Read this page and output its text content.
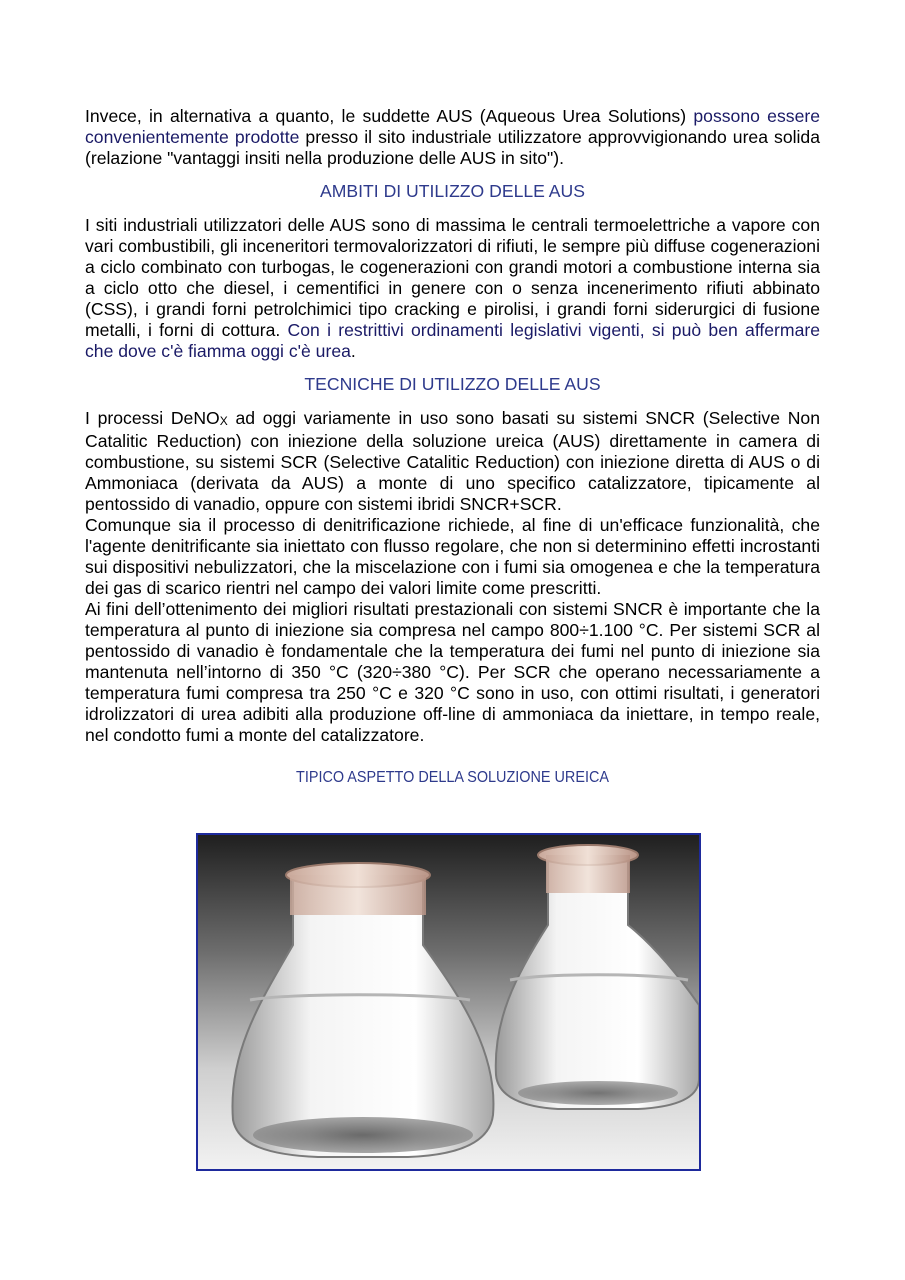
Invece, in alternativa a quanto, le suddette AUS (Aqueous Urea Solutions) possono essere convenientemente prodotte presso il sito industriale utilizzatore approvvigionando urea solida (relazione "vantaggi insiti nella produzione delle AUS in sito").

AMBITI DI UTILIZZO DELLE AUS

I siti industriali utilizzatori delle AUS sono di massima le centrali termoelettriche a vapore con vari combustibili, gli inceneritori termovalorizzatori di rifiuti, le sempre più diffuse cogenerazioni a ciclo combinato con turbogas, le cogenerazioni con grandi motori a combustione interna sia a ciclo otto che diesel, i cementifici in genere con o senza incenerimento rifiuti abbinato (CSS), i grandi forni petrolchimici tipo cracking e pirolisi, i grandi forni siderurgici di fusione metalli, i forni di cottura. Con i restrittivi ordinamenti legislativi vigenti, si può ben affermare che dove c'è fiamma oggi c'è urea.

TECNICHE DI UTILIZZO DELLE AUS

I processi DeNO$_X$ ad oggi variamente in uso sono basati su sistemi SNCR (Selective Non Catalitic Reduction) con iniezione della soluzione ureica (AUS) direttamente in camera di combustione, su sistemi SCR (Selective Catalitic Reduction) con iniezione diretta di AUS o di Ammoniaca (derivata da AUS) a monte di uno specifico catalizzatore, tipicamente al pentossido di vanadio, oppure con sistemi ibridi SNCR+SCR.

Comunque sia il processo di denitrificazione richiede, al fine di un'efficace funzionalità, che l'agente denitrificante sia iniettato con flusso regolare, che non si determinino effetti incrostanti sui dispositivi nebulizzatori, che la miscelazione con i fumi sia omogenea e che la temperatura dei gas di scarico rientri nel campo dei valori limite come prescritti.

Ai fini dell’ottenimento dei migliori risultati prestazionali con sistemi SNCR è importante che la temperatura al punto di iniezione sia compresa nel campo 800÷1.100 °C. Per sistemi SCR al pentossido di vanadio è fondamentale che la temperatura dei fumi nel punto di iniezione sia mantenuta nell’intorno di 350 °C (320÷380 °C). Per SCR che operano necessariamente a temperatura fumi compresa tra 250 °C e 320 °C sono in uso, con ottimi risultati, i generatori idrolizzatori di urea adibiti alla produzione off-line di ammoniaca da iniettare, in tempo reale, nel condotto fumi a monte del catalizzatore.

TIPICO ASPETTO DELLA SOLUZIONE UREICA
